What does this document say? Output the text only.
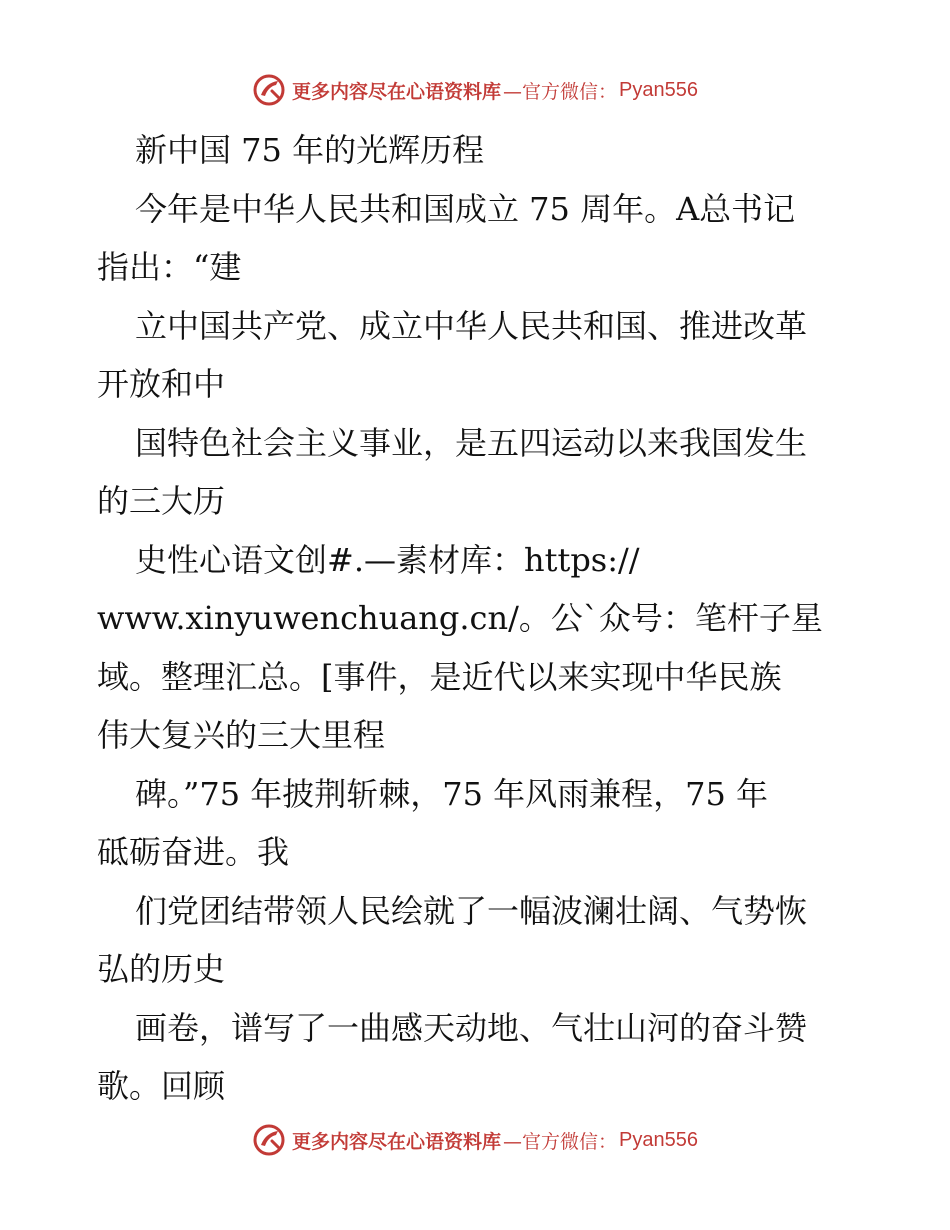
更多内容尽在心语资料库 —官方微信： Pyan556
新中国 75 年的光辉历程
今年是中华人民共和国成立 75 周年。A总书记
指出：“建
立中国共产党、成立中华人民共和国、推进改革
开放和中
国特色社会主义事业，是五四运动以来我国发生
的三大历
史性心语文创#.—素材库：https://
www.xinyuwenchuang.cn/。公`众号：笔杆子星
域。整理汇总。[事件，是近代以来实现中华民族
伟大复兴的三大里程
碑。”75 年披荆斩棘，75 年风雨兼程，75 年
砥砺奋进。我
们党团结带领人民绘就了一幅波澜壮阔、气势恢
弘的历史
画卷，谱写了一曲感天动地、气壮山河的奋斗赞
歌。回顾
更多内容尽在心语资料库 —官方微信： Pyan556
